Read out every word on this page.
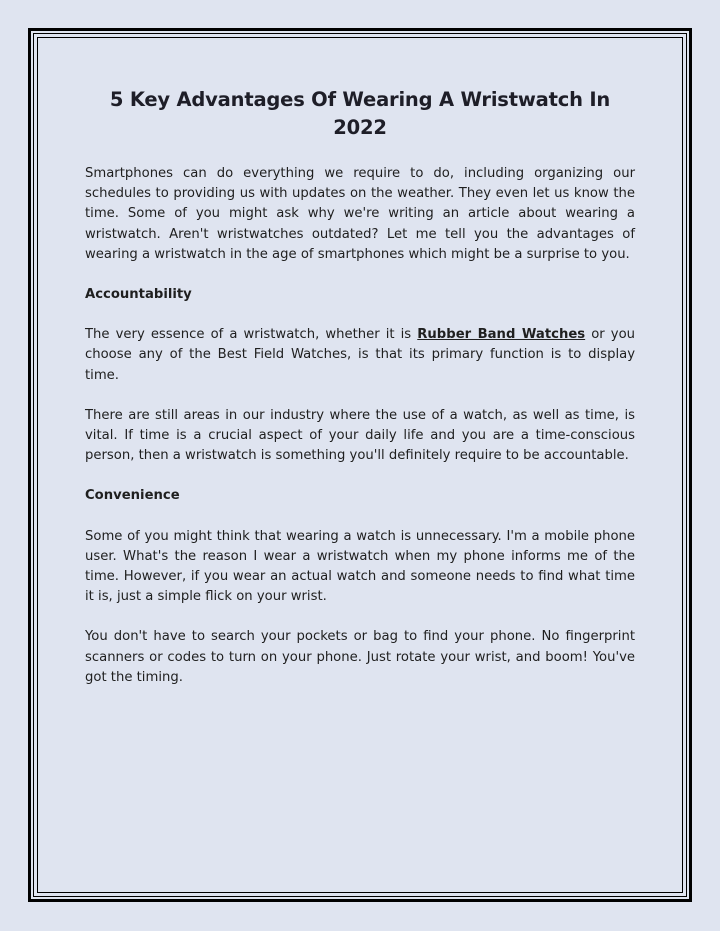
5 Key Advantages Of Wearing A Wristwatch In 2022

Smartphones can do everything we require to do, including organizing our schedules to providing us with updates on the weather. They even let us know the time. Some of you might ask why we're writing an article about wearing a wristwatch. Aren't wristwatches outdated? Let me tell you the advantages of wearing a wristwatch in the age of smartphones which might be a surprise to you.

Accountability

The very essence of a wristwatch, whether it is Rubber Band Watches or you choose any of the Best Field Watches, is that its primary function is to display time.

There are still areas in our industry where the use of a watch, as well as time, is vital. If time is a crucial aspect of your daily life and you are a time-conscious person, then a wristwatch is something you'll definitely require to be accountable.

Convenience

Some of you might think that wearing a watch is unnecessary. I'm a mobile phone user. What's the reason I wear a wristwatch when my phone informs me of the time. However, if you wear an actual watch and someone needs to find what time it is, just a simple flick on your wrist.

You don't have to search your pockets or bag to find your phone. No fingerprint scanners or codes to turn on your phone. Just rotate your wrist, and boom! You've got the timing.
